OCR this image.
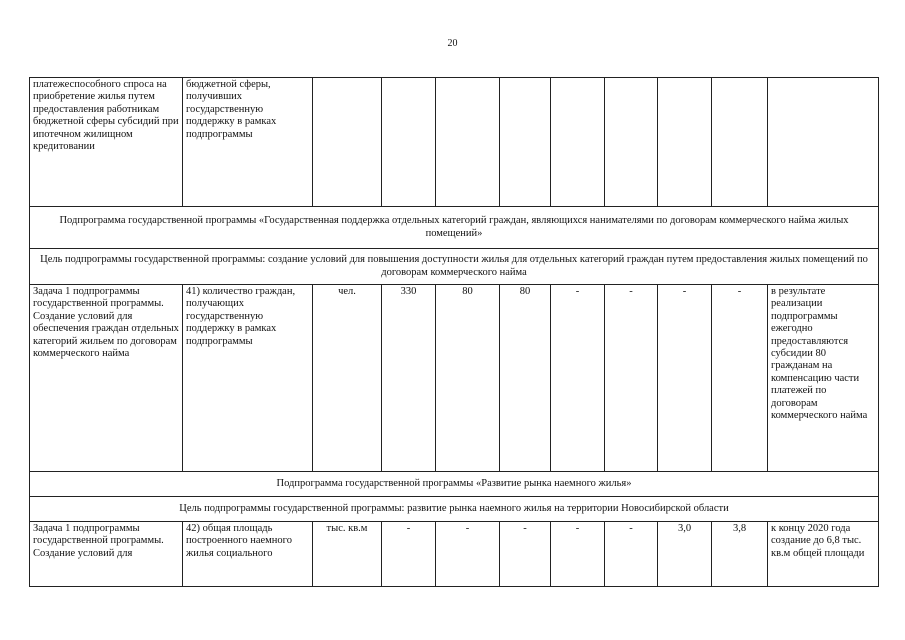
20
платежеспособного спроса на приобретение жилья путем предоставления работникам бюджетной сферы субсидий при ипотечном жилищном кредитовании	бюджетной сферы, получивших государственную поддержку в рамках подпрограммы									
Подпрограмма государственной программы «Государственная поддержка отдельных категорий граждан, являющихся нанимателями по договорам коммерческого найма жилых помещений»										
Цель подпрограммы государственной программы: создание условий для повышения доступности жилья для отдельных категорий граждан путем предоставления жилых помещений по договорам коммерческого найма										
Задача 1 подпрограммы государственной программы. Создание условий для обеспечения граждан отдельных категорий жильем по договорам коммерческого найма	41) количество граждан, получающих государственную поддержку в рамках подпрограммы	чел.	330	80	80	-	-	-	-	в результате реализации подпрограммы ежегодно предоставляются субсидии 80 гражданам на компенсацию части платежей по договорам коммерческого найма
Подпрограмма государственной программы «Развитие рынка наемного жилья»										
Цель подпрограммы государственной программы: развитие рынка наемного жилья на территории Новосибирской области										
Задача 1 подпрограммы государственной программы. Создание условий для	42) общая площадь построенного наемного жилья социального	тыс. кв.м	-	-	-	-	-	3,0	3,8	к концу 2020 года создание до 6,8 тыс. кв.м общей площади
